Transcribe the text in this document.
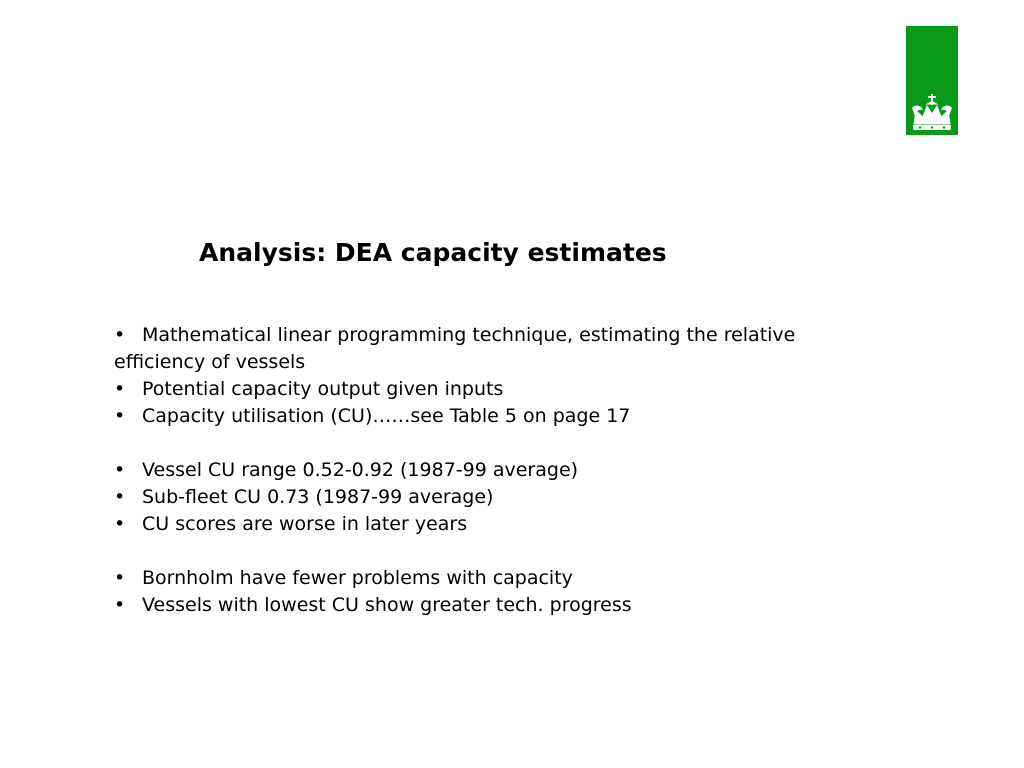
Analysis: DEA capacity estimates
• Mathematical linear programming technique, estimating the relative efficiency of vessels
• Potential capacity output given inputs
• Capacity utilisation (CU)……see Table 5 on page 17
• Vessel CU range 0.52-0.92 (1987-99 average)
• Sub-fleet CU 0.73 (1987-99 average)
• CU scores are worse in later years
• Bornholm have fewer problems with capacity
• Vessels with lowest CU show greater tech. progress
